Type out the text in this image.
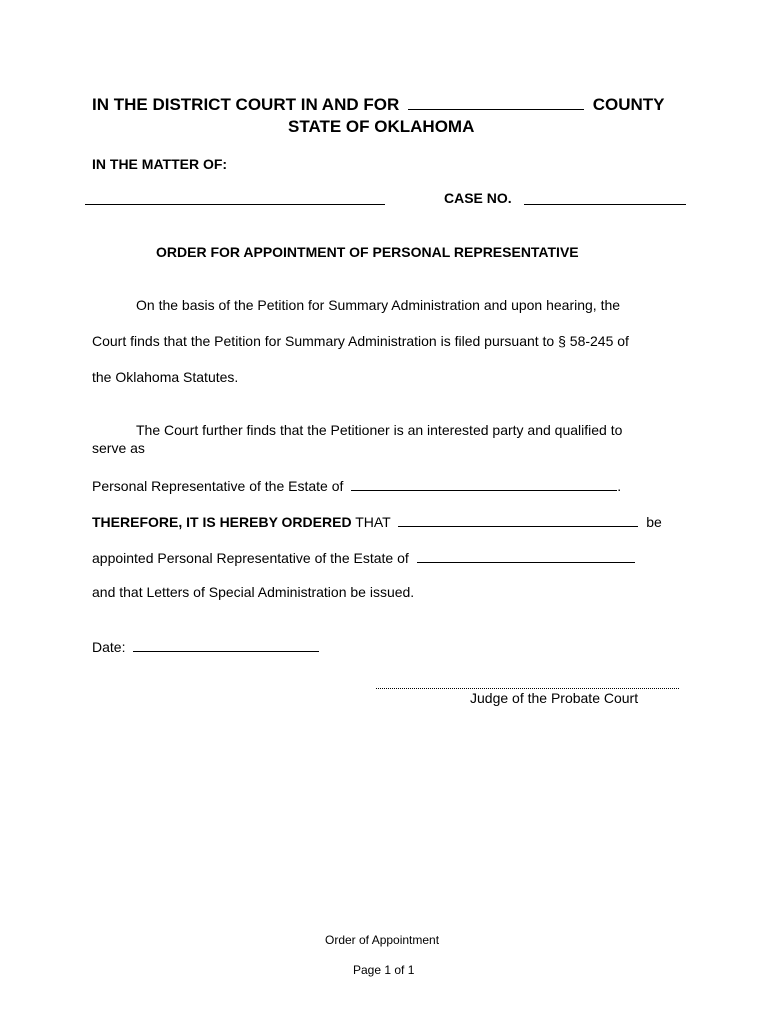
IN THE DISTRICT COURT IN AND FOR	COUNTY
STATE OF OKLAHOMA
IN THE MATTER OF:
CASE NO.
ORDER FOR APPOINTMENT OF PERSONAL REPRESENTATIVE
On the basis of the Petition for Summary Administration and upon hearing, the
Court finds that the Petition for Summary Administration is filed pursuant to § 58-245 of
the Oklahoma Statutes.
The Court further finds that the Petitioner is an interested party and qualified to
serve as
Personal Representative of the Estate of	.
THEREFORE, IT IS HEREBY ORDERED THAT	be
appointed Personal Representative of the Estate of
and that Letters of Special Administration be issued.
Date:
Judge of the Probate Court
Order of Appointment
Page 1 of 1
